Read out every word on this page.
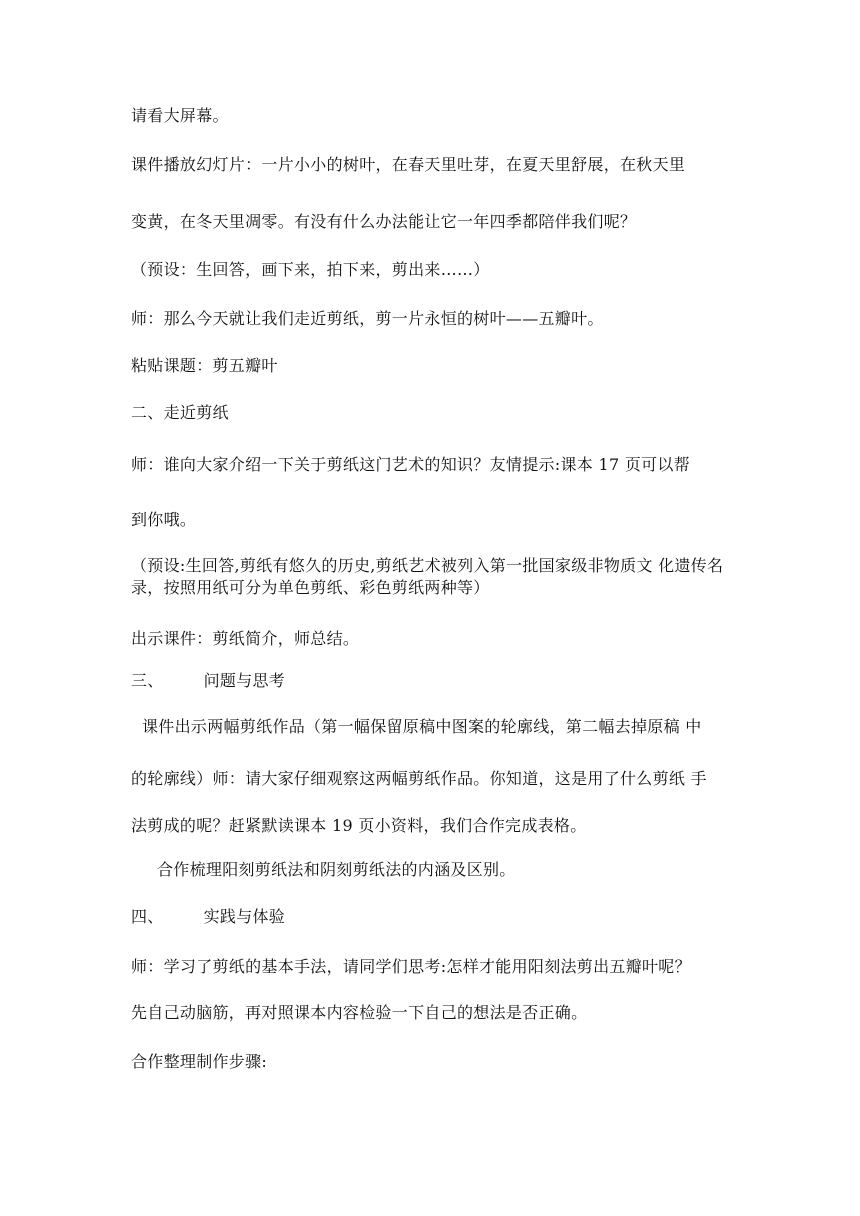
请看大屏幕。
课件播放幻灯片：一片小小的树叶，在春天里吐芽，在夏天里舒展，在秋天里
变黄，在冬天里凋零。有没有什么办法能让它一年四季都陪伴我们呢？
（预设：生回答，画下来，拍下来，剪出来……）
师：那么今天就让我们走近剪纸，剪一片永恒的树叶——五瓣叶。
粘贴课题：剪五瓣叶
二、走近剪纸
师：谁向大家介绍一下关于剪纸这门艺术的知识？友情提示:课本 17 页可以帮
到你哦。
（预设:生回答,剪纸有悠久的历史,剪纸艺术被列入第一批国家级非物质文 化遗传名录，按照用纸可分为单色剪纸、彩色剪纸两种等）
出示课件：剪纸简介，师总结。
三、	问题与思考
课件出示两幅剪纸作品（第一幅保留原稿中图案的轮廓线，第二幅去掉原稿 中
的轮廓线）师：请大家仔细观察这两幅剪纸作品。你知道，这是用了什么剪纸 手
法剪成的呢？赶紧默读课本 19 页小资料，我们合作完成表格。
合作梳理阳刻剪纸法和阴刻剪纸法的内涵及区别。
四、	实践与体验
师：学习了剪纸的基本手法，请同学们思考:怎样才能用阳刻法剪出五瓣叶呢？
先自己动脑筋，再对照课本内容检验一下自己的想法是否正确。
合作整理制作步骤:
